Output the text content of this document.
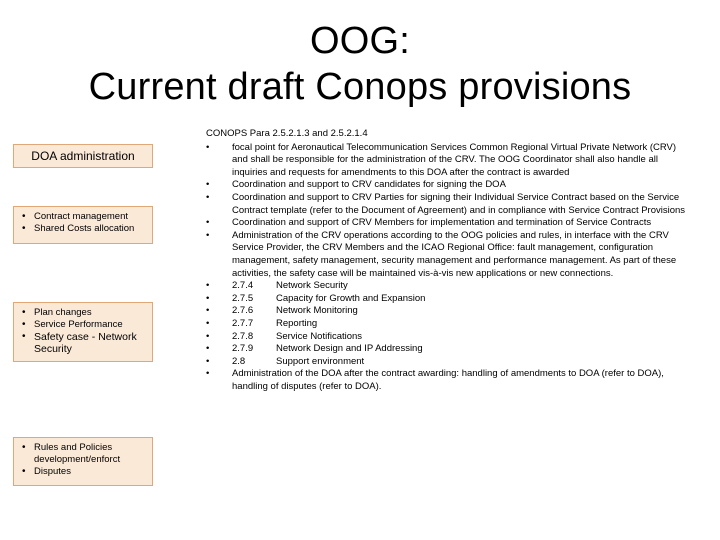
OOG:
Current draft Conops provisions
DOA administration
• Contract management
• Shared Costs allocation
• Plan changes
• Service Performance
• Safety case - Network Security
• Rules and Policies development/enforct
• Disputes
CONOPS Para 2.5.2.1.3 and 2.5.2.1.4
•	focal point for Aeronautical Telecommunication Services Common Regional Virtual Private Network (CRV) and shall be responsible for the administration of the CRV. The OOG Coordinator shall also handle all inquiries and requests for amendments to this DOA after the contract is awarded
•	Coordination and support to CRV candidates for signing the DOA
•	Coordination and support to CRV Parties for signing their Individual Service Contract based on the Service Contract template (refer to the Document of Agreement) and in compliance with Service Contract Provisions
•	Coordination and support of CRV Members for implementation and termination of Service Contracts
•	Administration of the CRV operations according to the OOG policies and rules, in interface with the CRV Service Provider, the CRV Members and the ICAO Regional Office: fault management, configuration management, safety management, security management and performance management. As part of these activities, the safety case will be maintained vis-à-vis new applications or new connections.
•	2.7.4	Network Security
•	2.7.5	Capacity for Growth and Expansion
•	2.7.6	Network Monitoring
•	2.7.7	Reporting
•	2.7.8	Service Notifications
•	2.7.9	Network Design and IP Addressing
•	2.8	Support environment
•	Administration of the DOA after the contract awarding: handling of amendments to DOA (refer to DOA), handling of disputes (refer to DOA).
